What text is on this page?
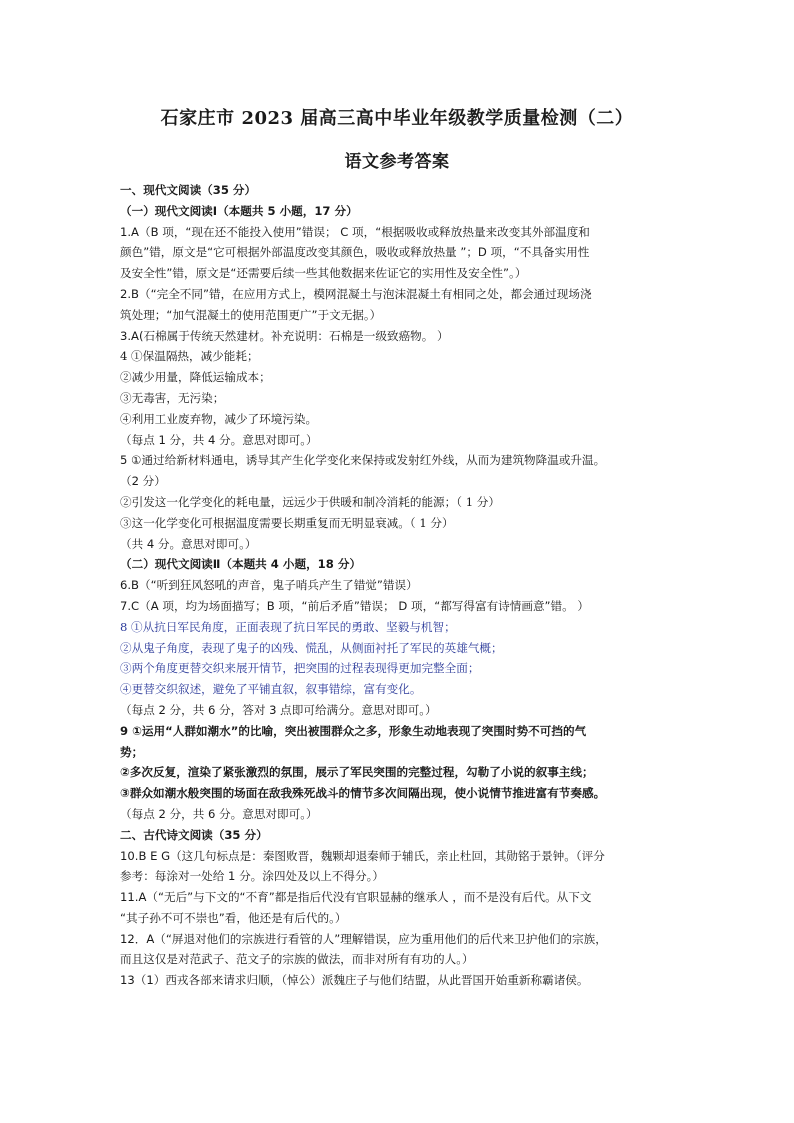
石家庄市 2023 届高三高中毕业年级教学质量检测（二）
语文参考答案
一、现代文阅读（35 分）
（一）现代文阅读Ⅰ（本题共 5 小题，17 分）
1.A（B 项，“现在还不能投入使用”错误； C 项，“根据吸收或释放热量来改变其外部温度和
颜色”错，原文是“它可根据外部温度改变其颜色，吸收或释放热量 ”；D 项，“不具备实用性
及安全性”错，原文是“还需要后续一些其他数据来佐证它的实用性及安全性”。）
2.B（“完全不同”错，在应用方式上，模网混凝土与泡沫混凝土有相同之处，都会通过现场浇
筑处理；“加气混凝土的使用范围更广”于文无据。）
3.A(石棉属于传统天然建材。补充说明：石棉是一级致癌物。 ）
4 ①保温隔热，减少能耗；
②减少用量，降低运输成本；
③无毒害，无污染；
④利用工业废弃物，减少了环境污染。
（每点 1 分，共 4 分。意思对即可。）
5 ①通过给新材料通电，诱导其产生化学变化来保持或发射红外线，从而为建筑物降温或升温。
（2 分）
②引发这一化学变化的耗电量，远远少于供暖和制冷消耗的能源；（ 1 分）
③这一化学变化可根据温度需要长期重复而无明显衰减。（ 1 分）
（共 4 分。意思对即可。）
（二）现代文阅读Ⅱ（本题共 4 小题，18 分）
6.B（“听到狂风怒吼的声音，鬼子哨兵产生了错觉”错误）
7.C（A 项，均为场面描写；B 项，“前后矛盾”错误； D 项，“都写得富有诗情画意”错。 ）
8 ①从抗日军民角度，正面表现了抗日军民的勇敢、坚毅与机智；
②从鬼子角度，表现了鬼子的凶残、慌乱，从侧面衬托了军民的英雄气概；
③两个角度更替交织来展开情节，把突围的过程表现得更加完整全面；
④更替交织叙述，避免了平铺直叙，叙事错综，富有变化。
（每点 2 分，共 6 分，答对 3 点即可给满分。意思对即可。）
9 ①运用“人群如潮水”的比喻，突出被围群众之多，形象生动地表现了突围时势不可挡的气
势；
②多次反复，渲染了紧张激烈的氛围，展示了军民突围的完整过程，勾勒了小说的叙事主线；
③群众如潮水般突围的场面在敌我殊死战斗的情节多次间隔出现，使小说情节推进富有节奏感。
（每点 2 分，共 6 分。意思对即可。）
二、古代诗文阅读（35 分）
10.B E G（这几句标点是：秦图败晋，魏颗却退秦师于辅氏，亲止杜回，其勋铭于景钟。（评分
参考：每涂对一处给 1 分。涂四处及以上不得分。）
11.A（“无后”与下文的“不育”都是指后代没有官职显赫的继承人 ，而不是没有后代。从下文
“其子孙不可不崇也”看，他还是有后代的。）
12．A（“屏退对他们的宗族进行看管的人”理解错误，应为重用他们的后代来卫护他们的宗族，
而且这仅是对范武子、范文子的宗族的做法，而非对所有有功的人。）
13（1）西戎各部来请求归顺，（悼公）派魏庄子与他们结盟，从此晋国开始重新称霸诸侯。
